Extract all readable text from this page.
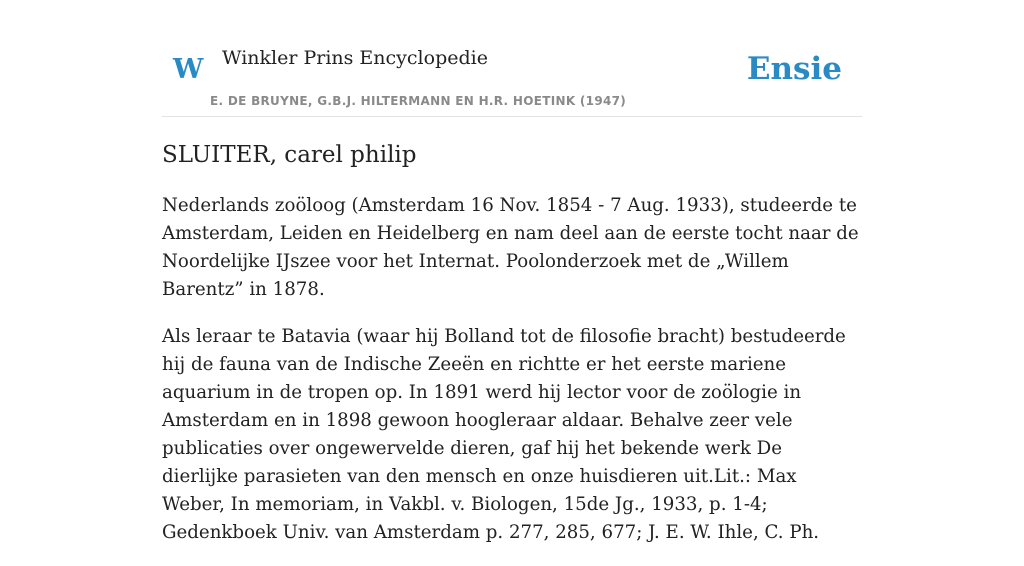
W Winkler Prins Encyclopedie
E. DE BRUYNE, G.B.J. HILTERMANN EN H.R. HOETINK (1947)
Ensie
SLUITER, carel philip

Nederlands zoöloog (Amsterdam 16 Nov. 1854 - 7 Aug. 1933), studeerde te Amsterdam, Leiden en Heidelberg en nam deel aan de eerste tocht naar de Noordelijke IJszee voor het Internat. Poolonderzoek met de „Willem Barentz” in 1878.

Als leraar te Batavia (waar hij Bolland tot de filosofie bracht) bestudeerde hij de fauna van de Indische Zeeën en richtte er het eerste mariene aquarium in de tropen op. In 1891 werd hij lector voor de zoölogie in Amsterdam en in 1898 gewoon hoogleraar aldaar. Behalve zeer vele publicaties over ongewervelde dieren, gaf hij het bekende werk De dierlijke parasieten van den mensch en onze huisdieren uit.Lit.: Max Weber, In memoriam, in Vakbl. v. Biologen, 15de Jg., 1933, p. 1-4; Gedenkboek Univ. van Amsterdam p. 277, 285, 677; J. E. W. Ihle, C. Ph.
